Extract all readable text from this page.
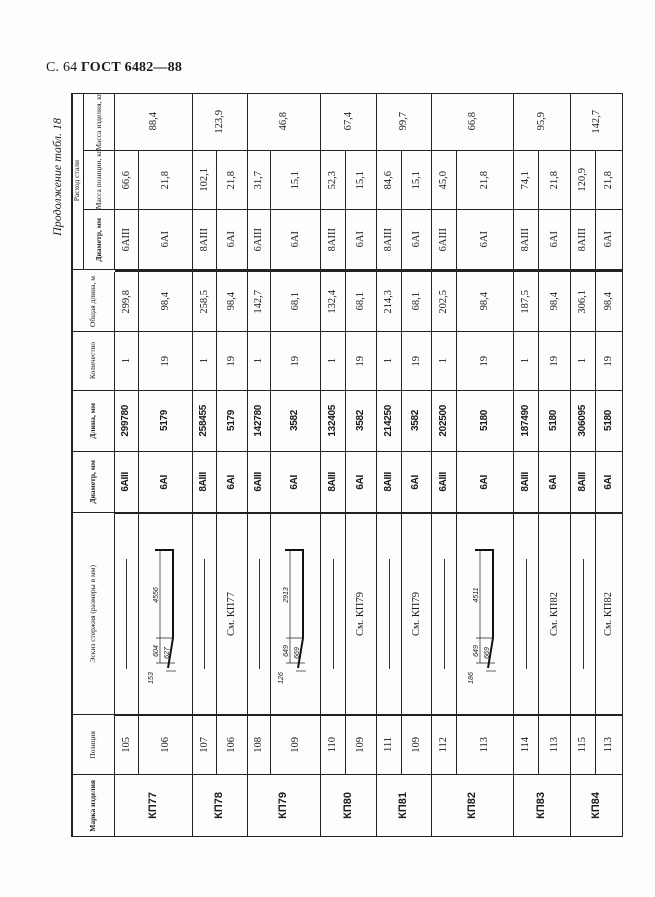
С. 64 ГОСТ 6482—88
Продолжение табл. 18
Марка изделия
Позиция
Эскиз стержня (размеры в мм)
Диаметр, мм
Длина, мм
Количество
Общая длина, м
Расход стали
Диаметр, мм
Масса позиции, кг
Масса изделия, кг
105
6АIII
299780
1
299,8
6АIII
66,6
106
6АI
5179
19
98,4
6АI
21,8
4556
604 627
153
107
8АIII
258455
1
258,5
8АIII
102,1
106
6АI
5179
19
98,4
6АI
21,8
См. КП77
108
6АIII
142780
1
142,7
6АIII
31,7
109
6АI
3582
19
68,1
6АI
15,1
2913
649 669
126
110
8АIII
132405
1
132,4
8АIII
52,3
109
6АI
3582
19
68,1
6АI
15,1
См. КП79
111
8АIII
214250
1
214,3
8АIII
84,6
109
6АI
3582
19
68,1
6АI
15,1
См. КП79
112
6АIII
202500
1
202,5
6АIII
45,0
113
6АI
5180
19
98,4
6АI
21,8
4511
649 669
186
114
8АIII
187490
1
187,5
8АIII
74,1
113
6АI
5180
19
98,4
6АI
21,8
См. КП82
115
8АIII
306095
1
306,1
8АIII
120,9
113
6АI
5180
19
98,4
6АI
21,8
См. КП82
КП77
88,4
КП78
123,9
КП79
46,8
КП80
67,4
КП81
99,7
КП82
66,8
КП83
95,9
КП84
142,7
